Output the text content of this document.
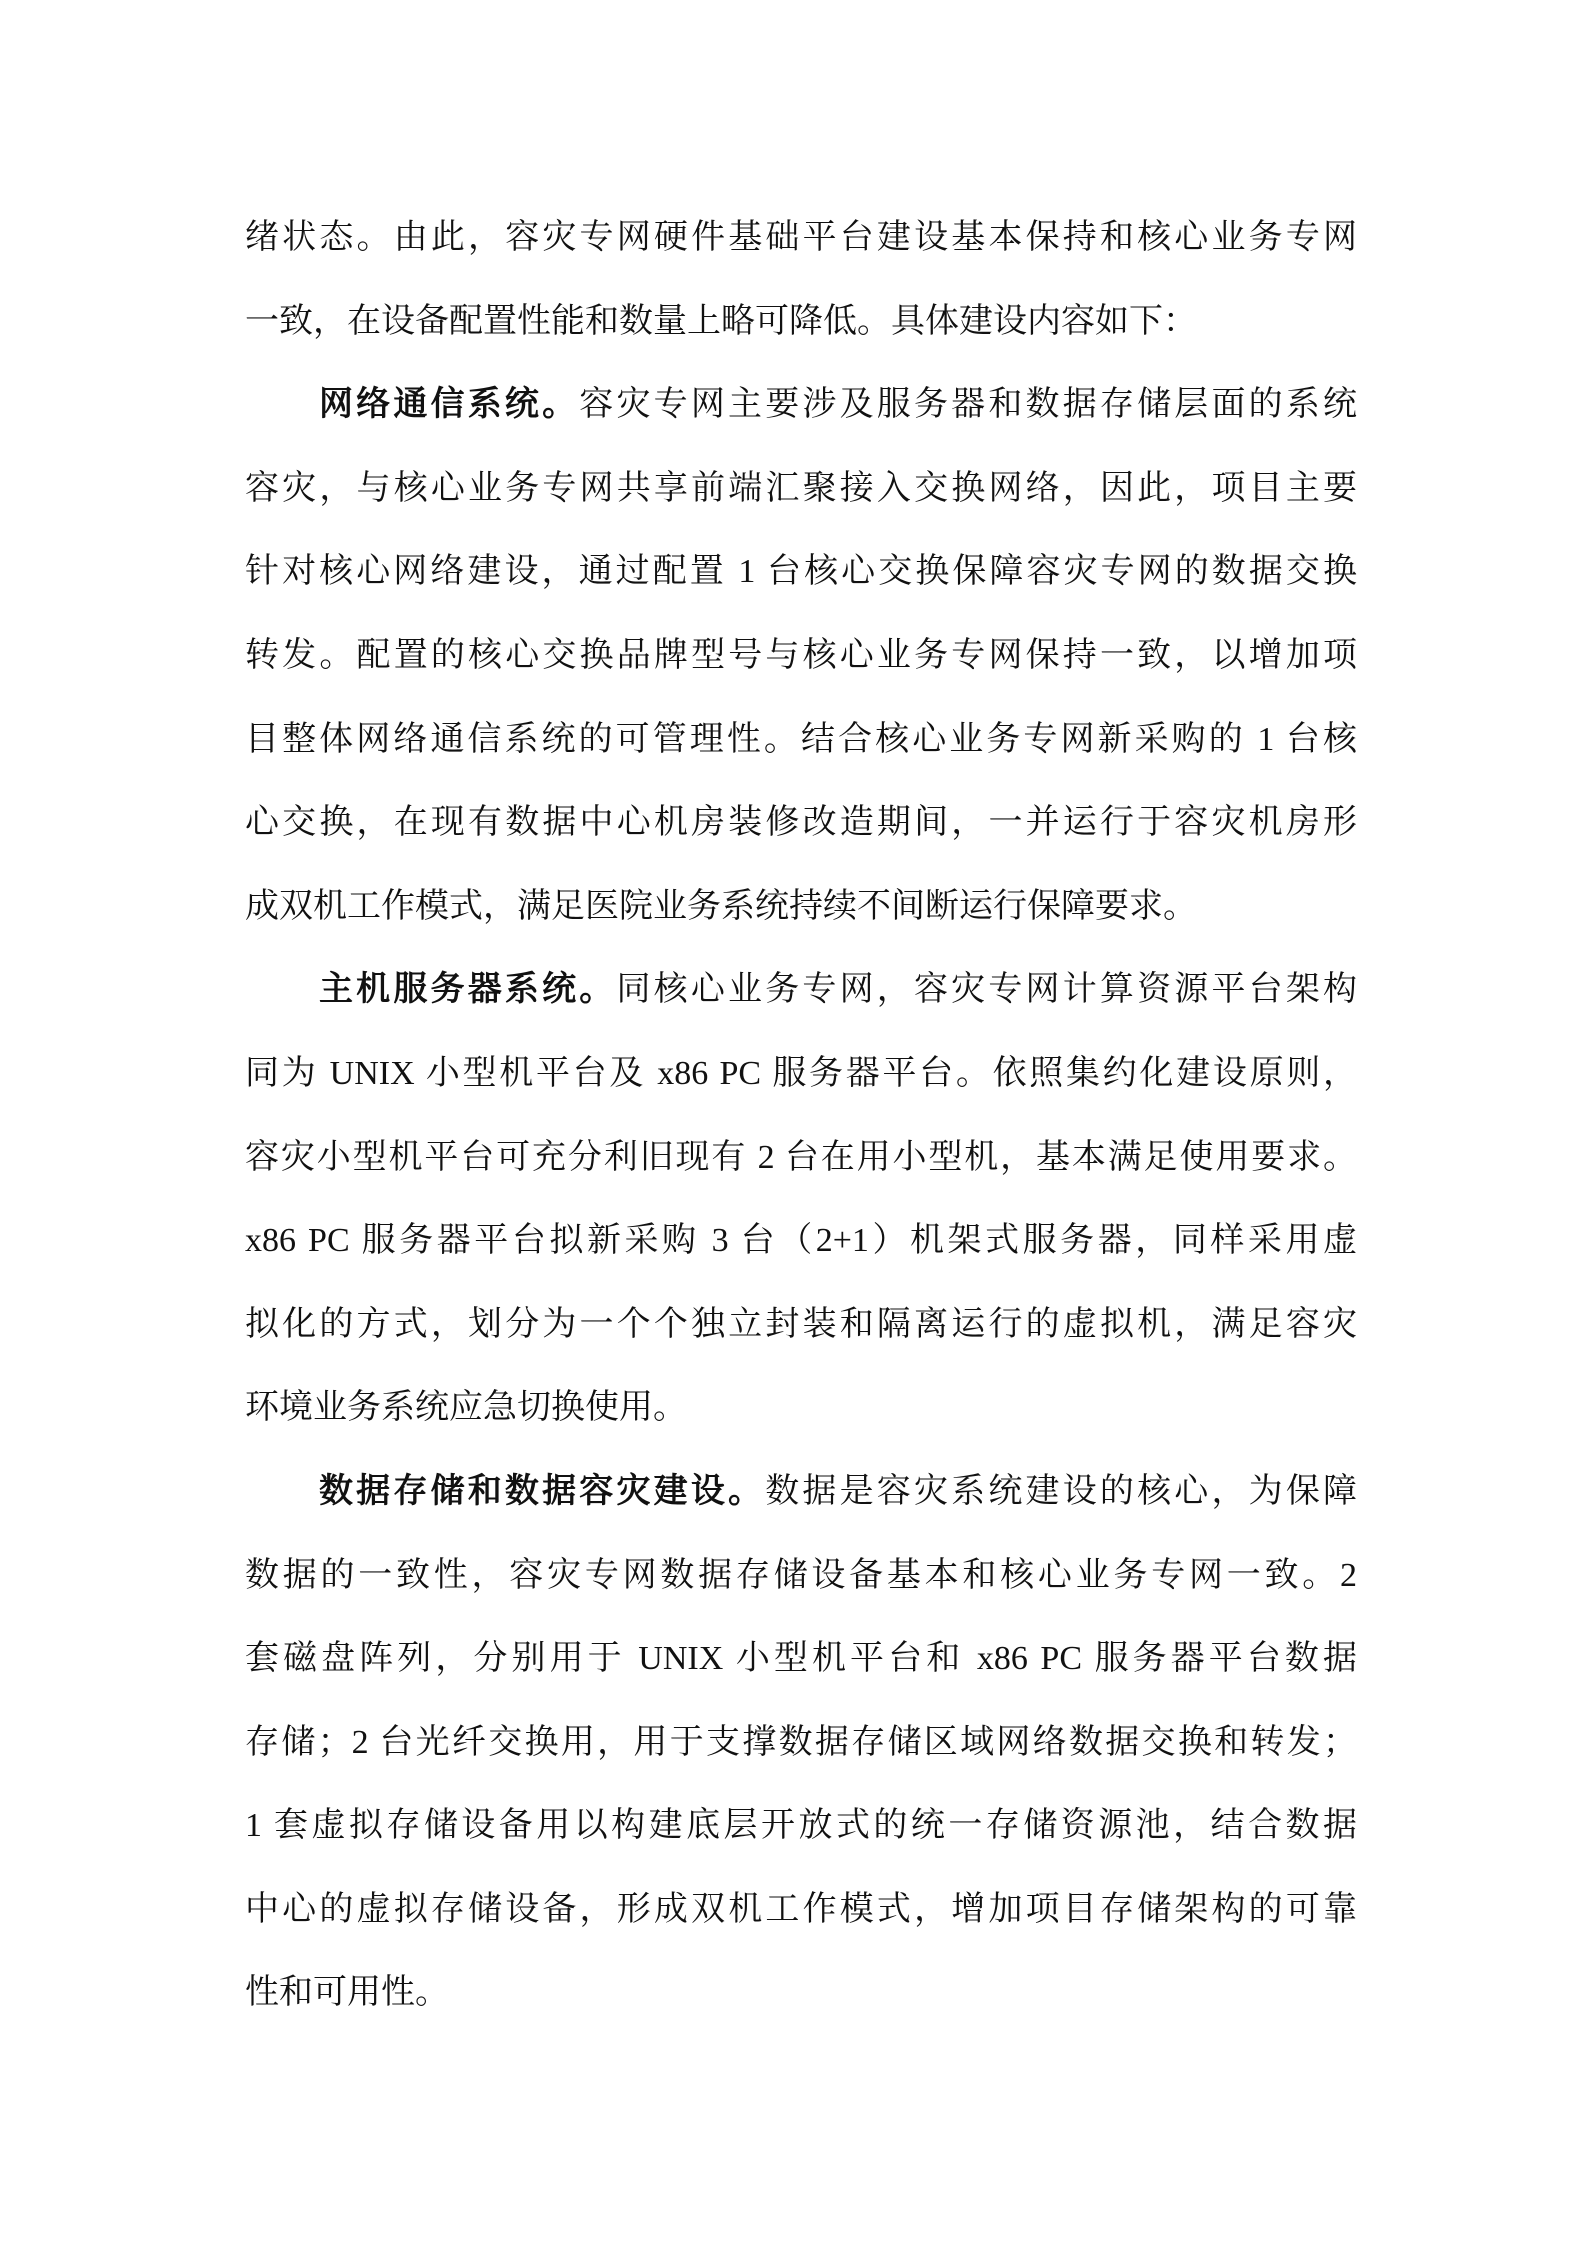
绪状态。由此，容灾专网硬件基础平台建设基本保持和核心业务专网
一致，在设备配置性能和数量上略可降低。具体建设内容如下：
网络通信系统。容灾专网主要涉及服务器和数据存储层面的系统
容灾，与核心业务专网共享前端汇聚接入交换网络，因此，项目主要
针对核心网络建设，通过配置 1 台核心交换保障容灾专网的数据交换
转发。配置的核心交换品牌型号与核心业务专网保持一致，以增加项
目整体网络通信系统的可管理性。结合核心业务专网新采购的 1 台核
心交换，在现有数据中心机房装修改造期间，一并运行于容灾机房形
成双机工作模式，满足医院业务系统持续不间断运行保障要求。
主机服务器系统。同核心业务专网，容灾专网计算资源平台架构
同为 UNIX 小型机平台及 x86 PC 服务器平台。依照集约化建设原则，
容灾小型机平台可充分利旧现有 2 台在用小型机，基本满足使用要求。
x86 PC 服务器平台拟新采购 3 台（2+1）机架式服务器，同样采用虚
拟化的方式，划分为一个个独立封装和隔离运行的虚拟机，满足容灾
环境业务系统应急切换使用。
数据存储和数据容灾建设。数据是容灾系统建设的核心，为保障
数据的一致性，容灾专网数据存储设备基本和核心业务专网一致。2
套磁盘阵列，分别用于 UNIX 小型机平台和 x86 PC 服务器平台数据
存储；2 台光纤交换用，用于支撑数据存储区域网络数据交换和转发；
1 套虚拟存储设备用以构建底层开放式的统一存储资源池，结合数据
中心的虚拟存储设备，形成双机工作模式，增加项目存储架构的可靠
性和可用性。
